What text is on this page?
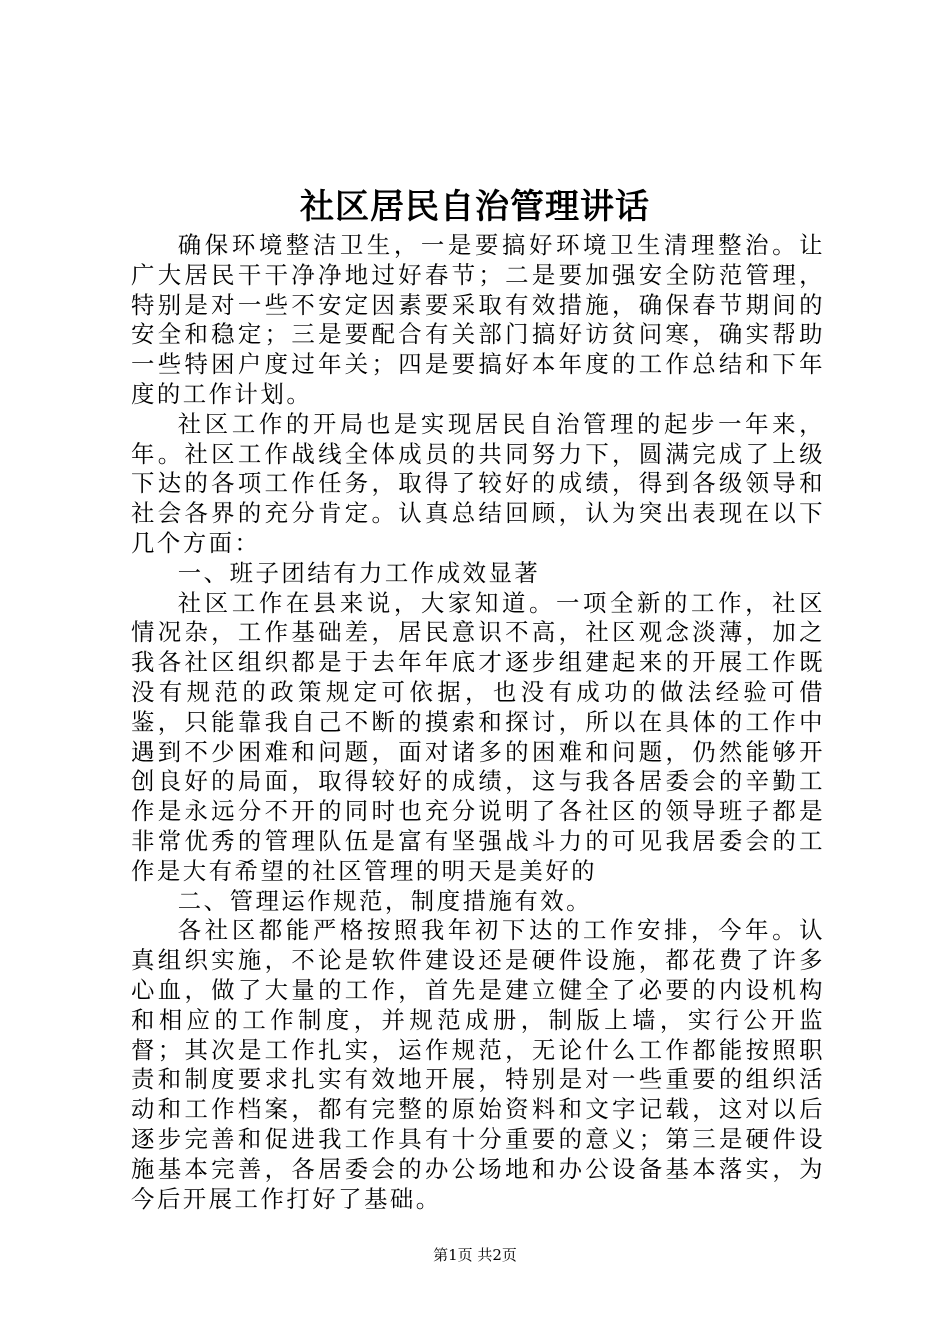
社区居民自治管理讲话

确保环境整洁卫生，一是要搞好环境卫生清理整治。让广大居民干干净净地过好春节；二是要加强安全防范管理，特别是对一些不安定因素要采取有效措施，确保春节期间的安全和稳定；三是要配合有关部门搞好访贫问寒，确实帮助一些特困户度过年关；四是要搞好本年度的工作总结和下年度的工作计划。

社区工作的开局也是实现居民自治管理的起步一年来，年。社区工作战线全体成员的共同努力下，圆满完成了上级下达的各项工作任务，取得了较好的成绩，得到各级领导和社会各界的充分肯定。认真总结回顾，认为突出表现在以下几个方面：

一、班子团结有力工作成效显著

社区工作在县来说，大家知道。一项全新的工作，社区情况杂，工作基础差，居民意识不高，社区观念淡薄，加之我各社区组织都是于去年年底才逐步组建起来的开展工作既没有规范的政策规定可依据，也没有成功的做法经验可借鉴，只能靠我自己不断的摸索和探讨，所以在具体的工作中遇到不少困难和问题，面对诸多的困难和问题，仍然能够开创良好的局面，取得较好的成绩，这与我各居委会的辛勤工作是永远分不开的同时也充分说明了各社区的领导班子都是非常优秀的管理队伍是富有坚强战斗力的可见我居委会的工作是大有希望的社区管理的明天是美好的

二、管理运作规范，制度措施有效。

各社区都能严格按照我年初下达的工作安排，今年。认真组织实施，不论是软件建设还是硬件设施，都花费了许多心血，做了大量的工作，首先是建立健全了必要的内设机构和相应的工作制度，并规范成册，制版上墙，实行公开监督；其次是工作扎实，运作规范，无论什么工作都能按照职责和制度要求扎实有效地开展，特别是对一些重要的组织活动和工作档案，都有完整的原始资料和文字记载，这对以后逐步完善和促进我工作具有十分重要的意义；第三是硬件设施基本完善，各居委会的办公场地和办公设备基本落实，为今后开展工作打好了基础。

第1页 共2页
